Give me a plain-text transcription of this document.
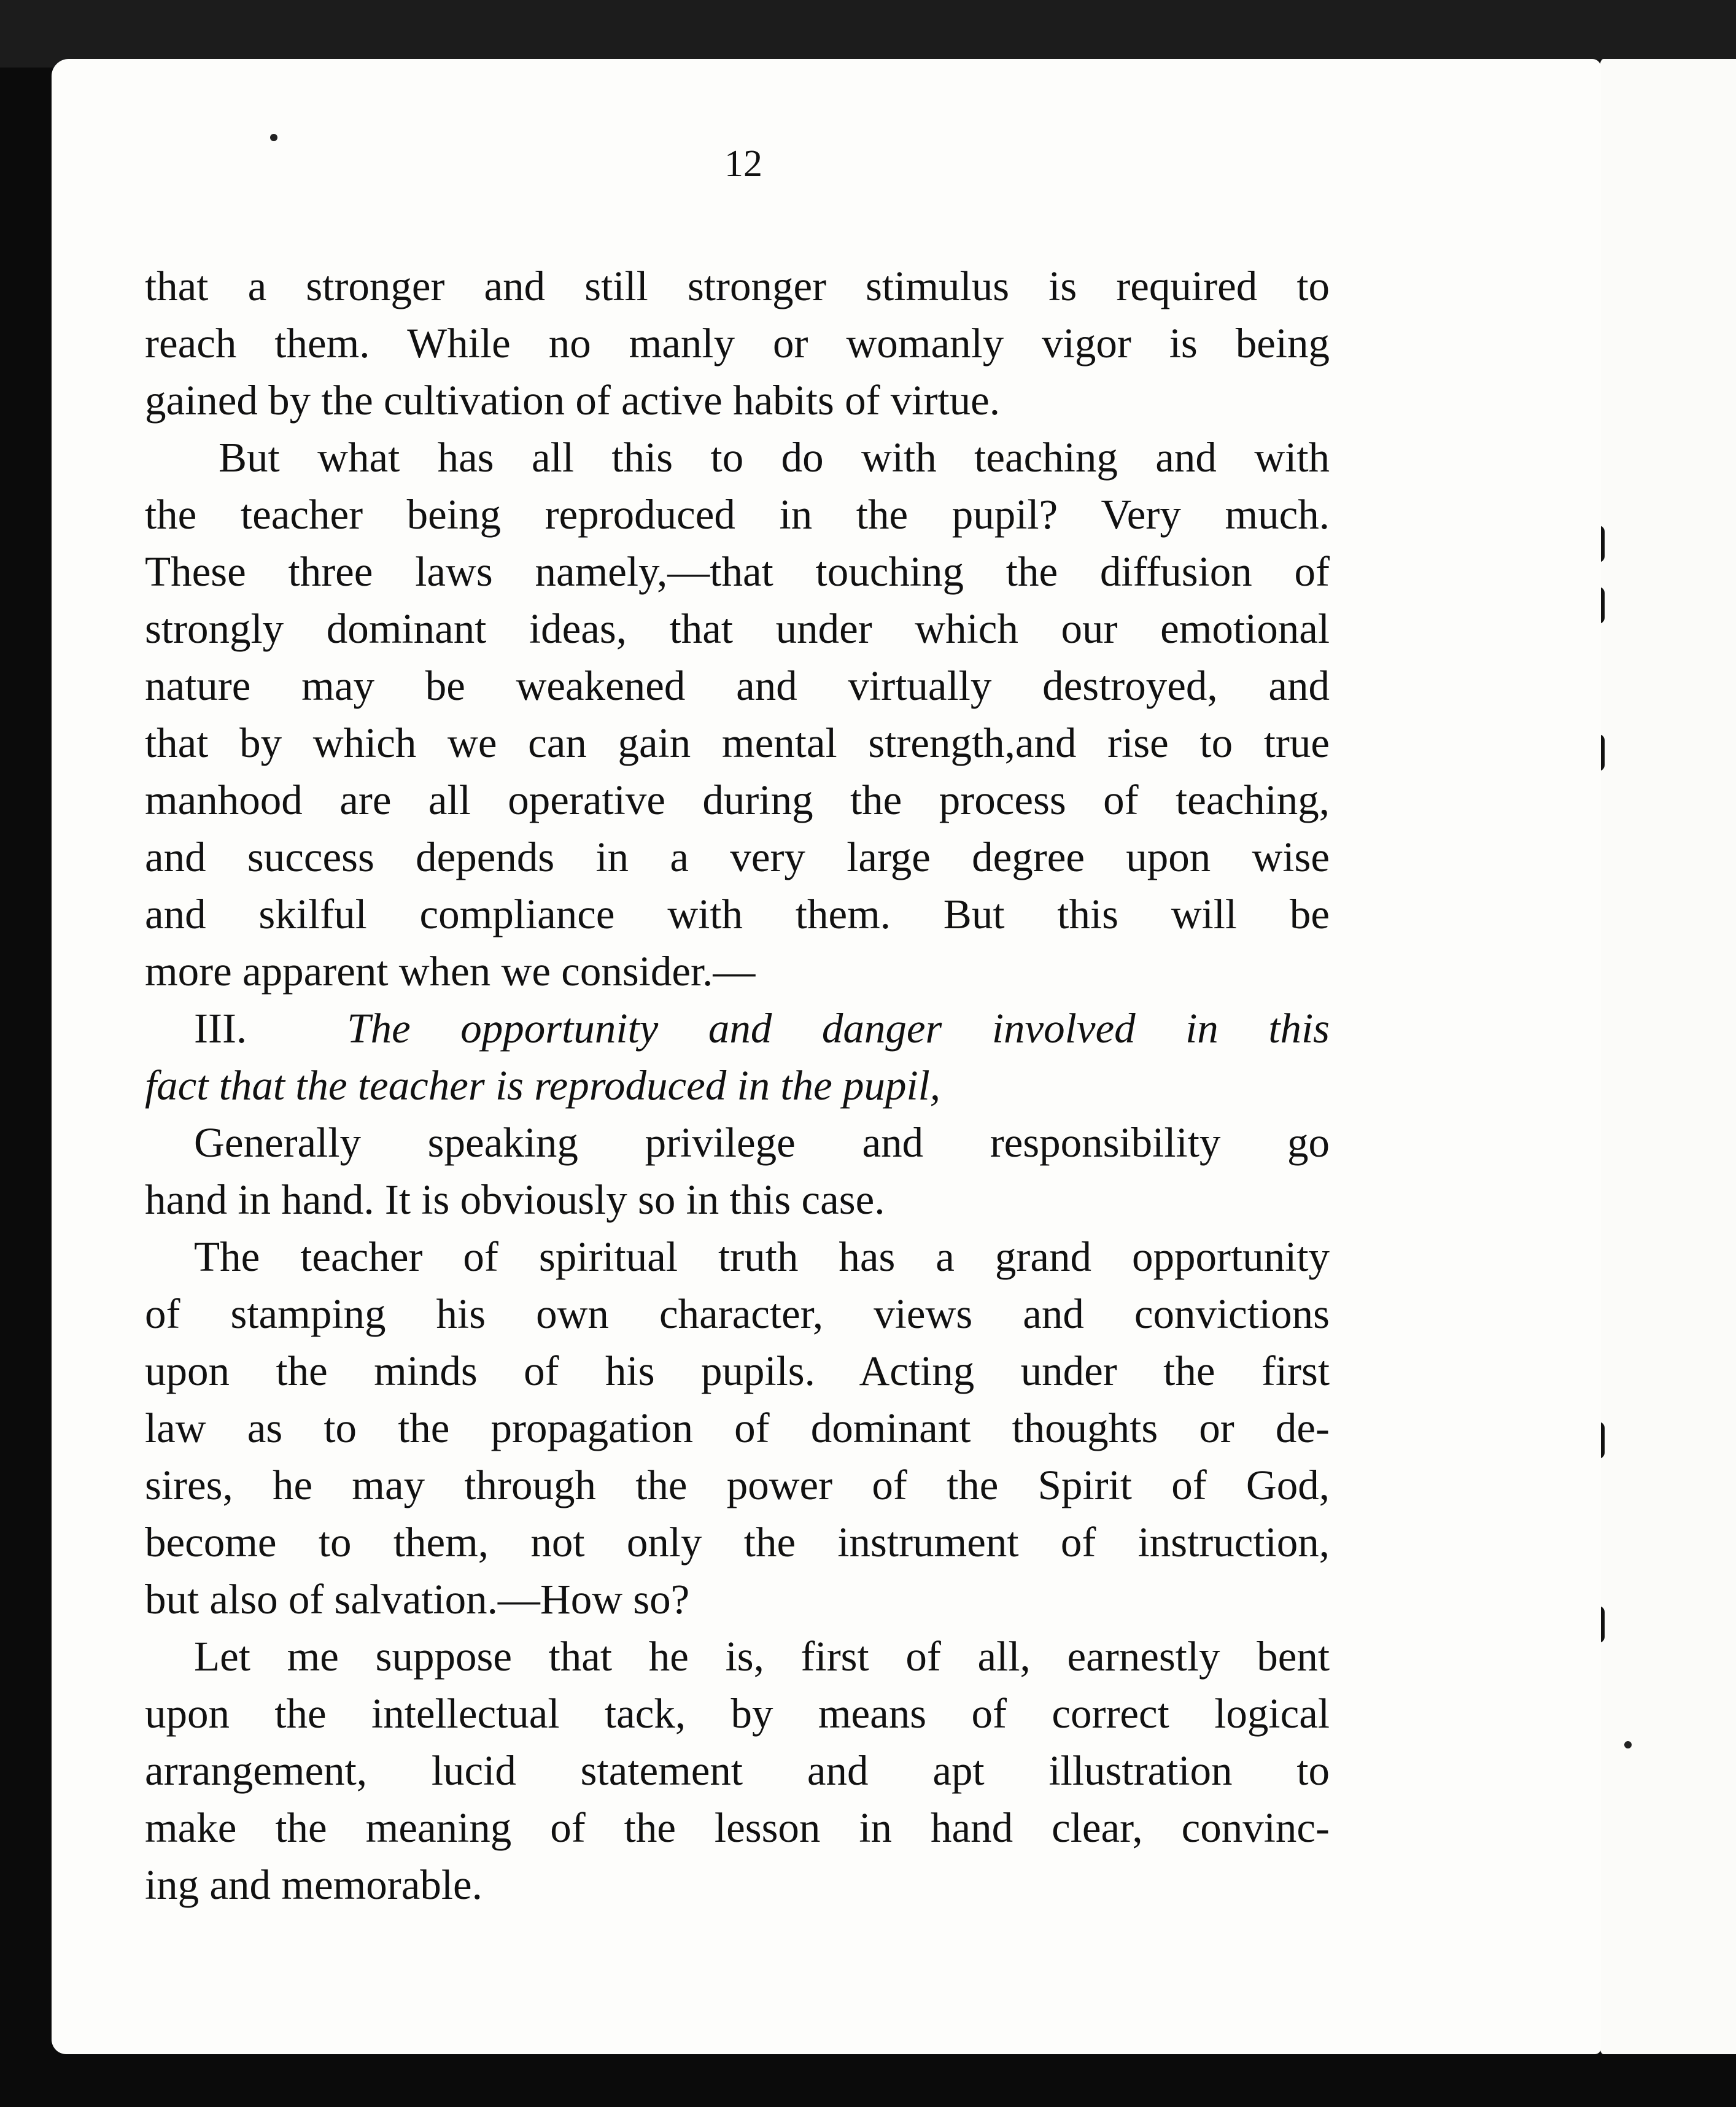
12
that a stronger and still stronger stimulus is required to
reach them. While no manly or womanly vigor is being
gained by the cultivation of active habits of virtue.
But what has all this to do with teaching and with
the teacher being reproduced in the pupil? Very much.
These three laws namely,—that touching the diffusion of
strongly dominant ideas, that under which our emotional
nature may be weakened and virtually destroyed, and
that by which we can gain mental strength,and rise to true
manhood are all operative during the process of teaching,
and success depends in a very large degree upon wise
and skilful compliance with them. But this will be
more apparent when we consider.—
III. The opportunity and danger involved in this
fact that the teacher is reproduced in the pupil,
Generally speaking privilege and responsibility go
hand in hand. It is obviously so in this case.
The teacher of spiritual truth has a grand opportunity
of stamping his own character, views and convictions
upon the minds of his pupils. Acting under the first
law as to the propagation of dominant thoughts or de-
sires, he may through the power of the Spirit of God,
become to them, not only the instrument of instruction,
but also of salvation.—How so?
Let me suppose that he is, first of all, earnestly bent
upon the intellectual tack, by means of correct logical
arrangement, lucid statement and apt illustration to
make the meaning of the lesson in hand clear, convinc-
ing and memorable.
